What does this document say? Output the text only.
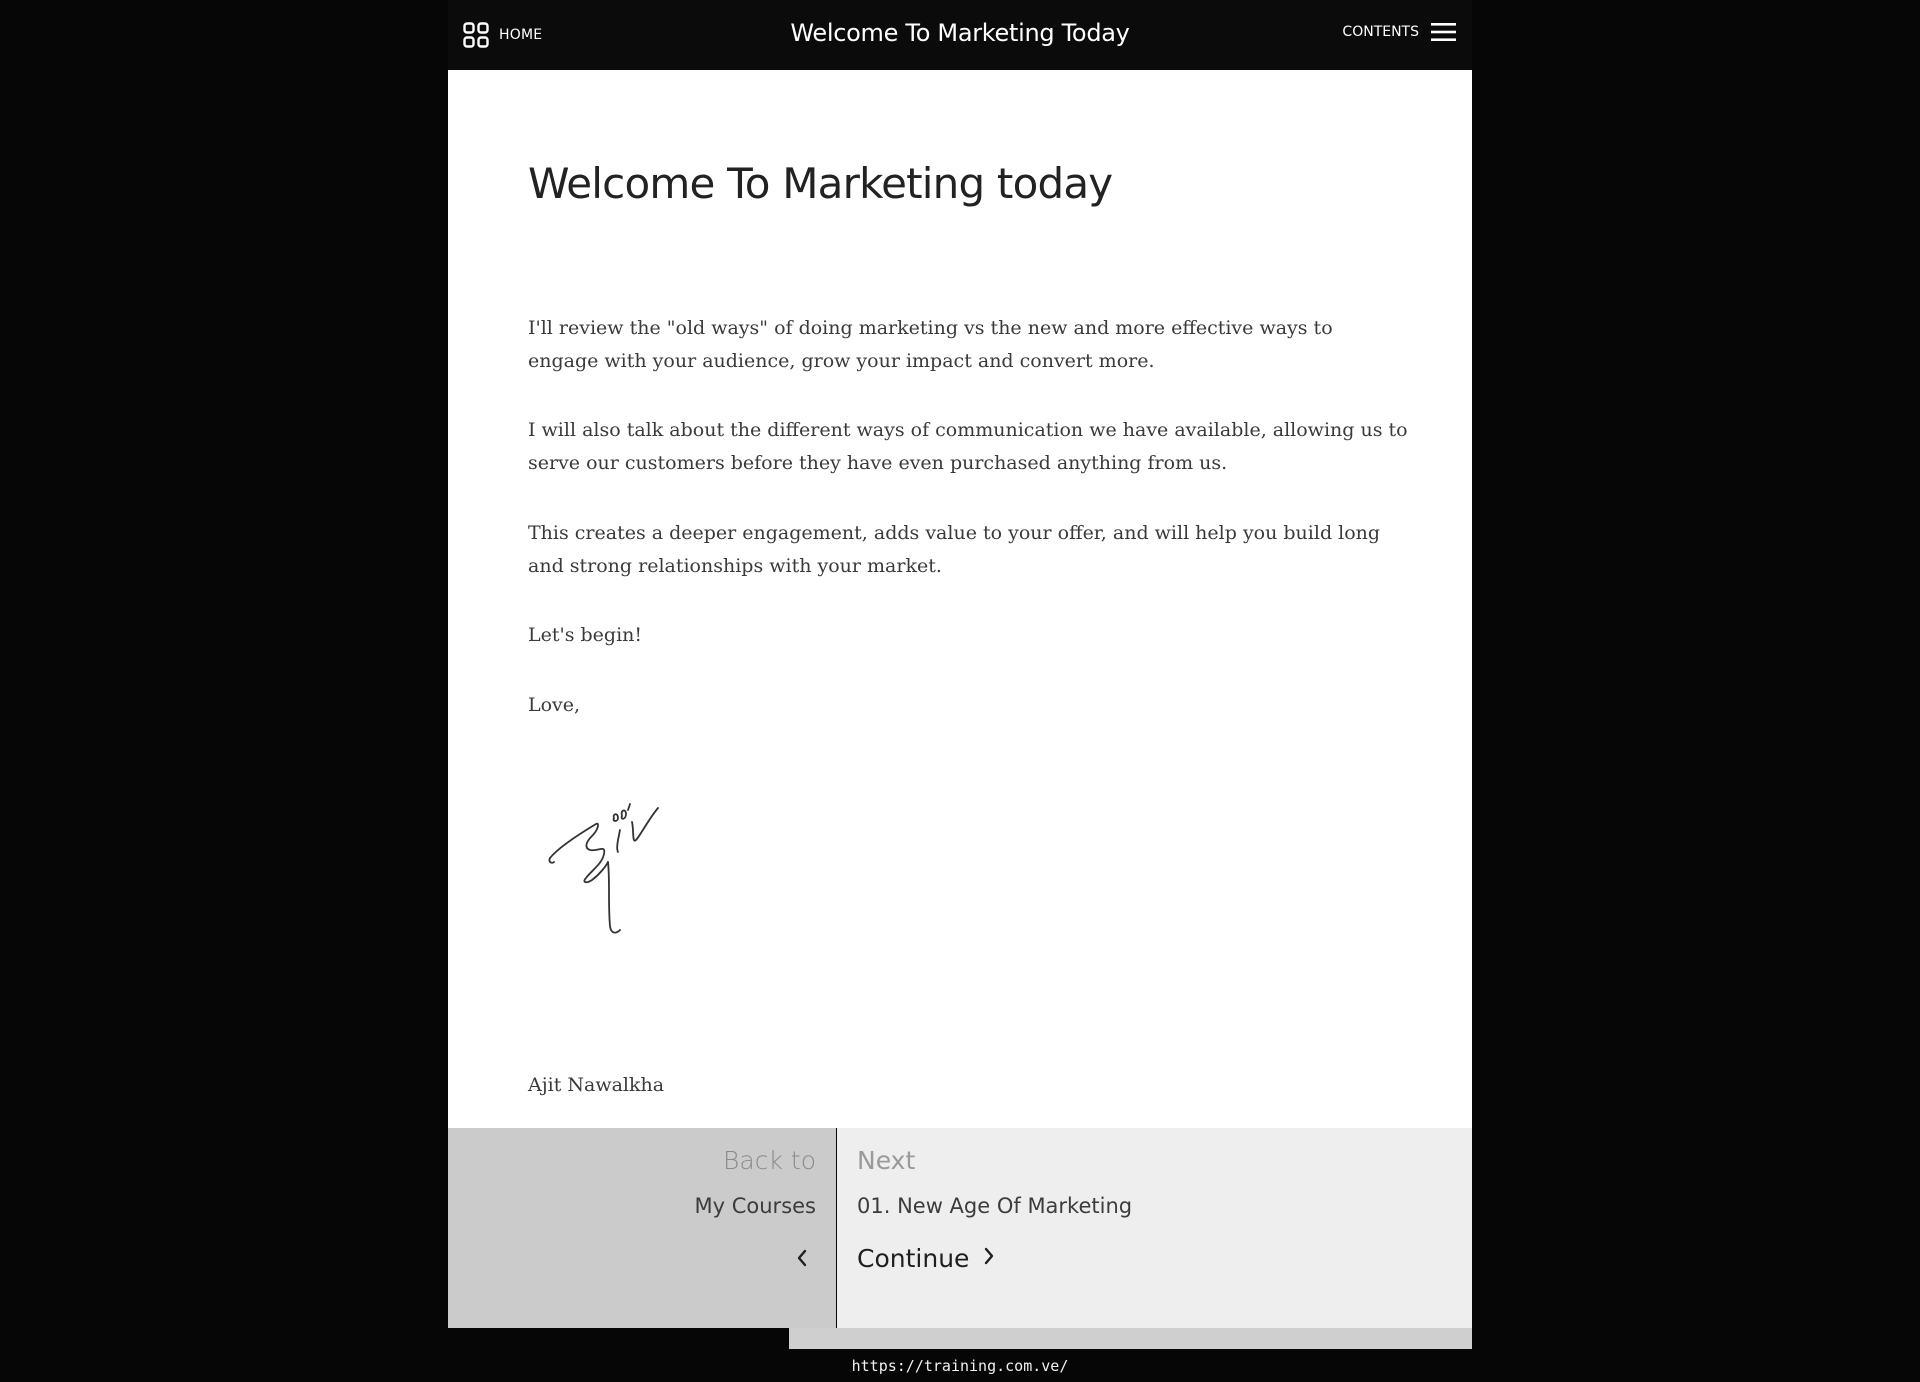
HOME	Welcome To Marketing Today	CONTENTS
Welcome To Marketing today

I'll review the "old ways" of doing marketing vs the new and more effective ways to engage with your audience, grow your impact and convert more.

I will also talk about the different ways of communication we have available, allowing us to serve our customers before they have even purchased anything from us.

This creates a deeper engagement, adds value to your offer, and will help you build long and strong relationships with your market.

Let's begin!

Love,

Ajit Nawalkha

Back to
My Courses
Next
01. New Age Of Marketing
Continue
https://training.com.ve/
